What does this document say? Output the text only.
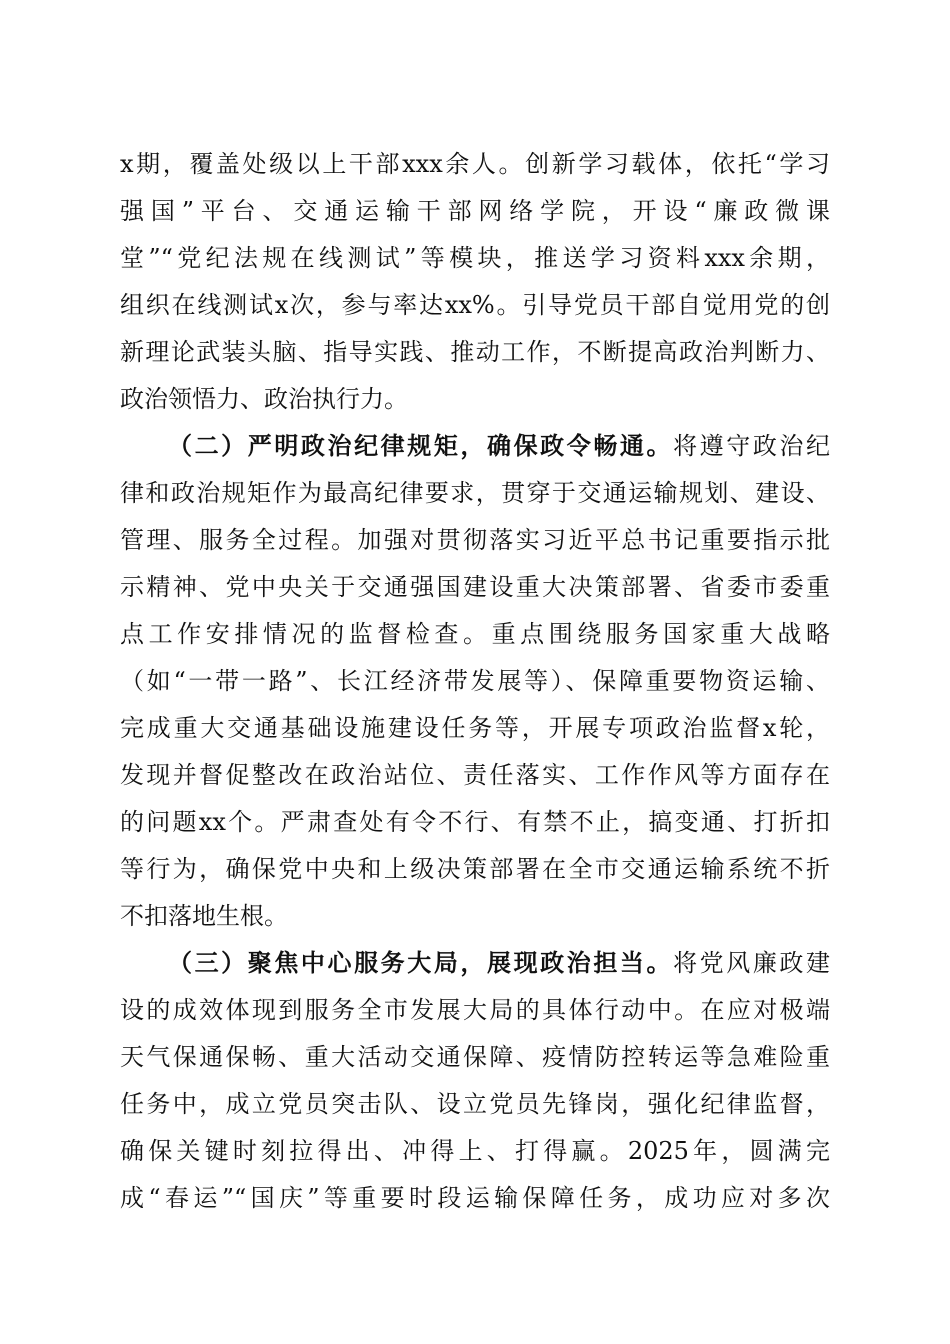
x期，覆盖处级以上干部xxx余人。创新学习载体，依托“学习
强国”平台、交通运输干部网络学院，开设“廉政微课
堂”“党纪法规在线测试”等模块，推送学习资料xxx余期，
组织在线测试x次，参与率达xx%。引导党员干部自觉用党的创
新理论武装头脑、指导实践、推动工作，不断提高政治判断力、
政治领悟力、政治执行力。
（二）严明政治纪律规矩，确保政令畅通。将遵守政治纪
律和政治规矩作为最高纪律要求，贯穿于交通运输规划、建设、
管理、服务全过程。加强对贯彻落实习近平总书记重要指示批
示精神、党中央关于交通强国建设重大决策部署、省委市委重
点工作安排情况的监督检查。重点围绕服务国家重大战略
（如“一带一路”、长江经济带发展等）、保障重要物资运输、
完成重大交通基础设施建设任务等，开展专项政治监督x轮，
发现并督促整改在政治站位、责任落实、工作作风等方面存在
的问题xx个。严肃查处有令不行、有禁不止，搞变通、打折扣
等行为，确保党中央和上级决策部署在全市交通运输系统不折
不扣落地生根。
（三）聚焦中心服务大局，展现政治担当。将党风廉政建
设的成效体现到服务全市发展大局的具体行动中。在应对极端
天气保通保畅、重大活动交通保障、疫情防控转运等急难险重
任务中，成立党员突击队、设立党员先锋岗，强化纪律监督，
确保关键时刻拉得出、冲得上、打得赢。2025年，圆满完
成“春运”“国庆”等重要时段运输保障任务，成功应对多次
